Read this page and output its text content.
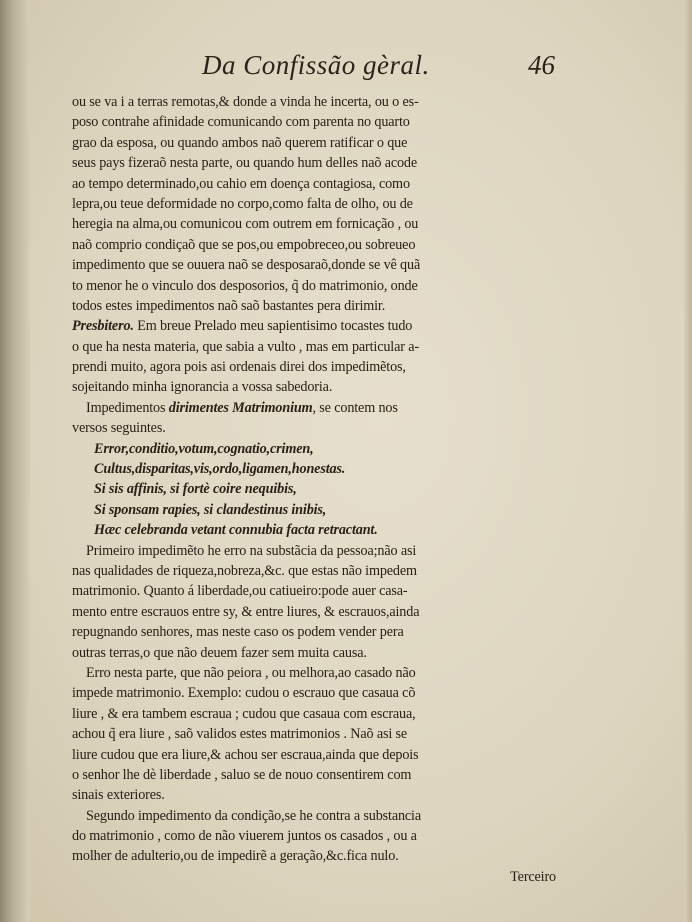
Da Confissão gèral.	46
ou se va i a terras remotas,& donde a vinda he incerta, ou o es-
poso contrahe afinidade comunicando com parenta no quarto
grao da esposa, ou quando ambos naõ querem ratificar o que
seus pays fizeraõ nesta parte, ou quando hum delles naõ acode
ao tempo determinado,ou cahio em doença contagiosa, como
lepra,ou teue deformidade no corpo,como falta de olho, ou de
heregia na alma,ou comunicou com outrem em fornicação , ou
naõ comprio condiçaõ que se pos,ou empobreceo,ou sobreueo
impedimento que se ouuera naõ se desposaraõ,donde se vê quã
to menor he o vinculo dos desposorios, q̃ do matrimonio, onde
todos estes impedimentos naõ saõ bastantes pera dirimir.
Presbitero. Em breue Prelado meu sapientisimo tocastes tudo
o que ha nesta materia, que sabia a vulto , mas em particular a-
prendi muito, agora pois asi ordenais direi dos impedimẽtos,
sojeitando minha ignorancia a vossa sabedoria.
Impedimentos dirimentes Matrimonium, se contem nos
versos seguintes.
Error,conditio,votum,cognatio,crimen,
Cultus,disparitas,vis,ordo,ligamen,honestas.
Si sis affinis, si fortè coire nequibis,
Si sponsam rapies, si clandestinus inibis,
Hæc celebranda vetant connubia facta retractant.
Primeiro impedimẽto he erro na substãcia da pessoa;não asi
nas qualidades de riqueza,nobreza,&c. que estas não impedem
matrimonio. Quanto á liberdade,ou catiueiro:pode auer casa-
mento entre escrauos entre sy, & entre liures, & escrauos,ainda
repugnando senhores, mas neste caso os podem vender pera
outras terras,o que não deuem fazer sem muita causa.
Erro nesta parte, que não peiora , ou melhora,ao casado não
impede matrimonio. Exemplo: cudou o escrauo que casaua cõ
liure , & era tambem escraua ; cudou que casaua com escraua,
achou q̃ era liure , saõ validos estes matrimonios . Naõ asi se
liure cudou que era liure,& achou ser escraua,ainda que depois
o senhor lhe dè liberdade , saluo se de nouo consentirem com
sinais exteriores.
Segundo impedimento da condição,se he contra a substancia
do matrimonio , como de não viuerem juntos os casados , ou a
molher de adulterio,ou de impedirẽ a geração,&c.fica nulo.
Terceiro
